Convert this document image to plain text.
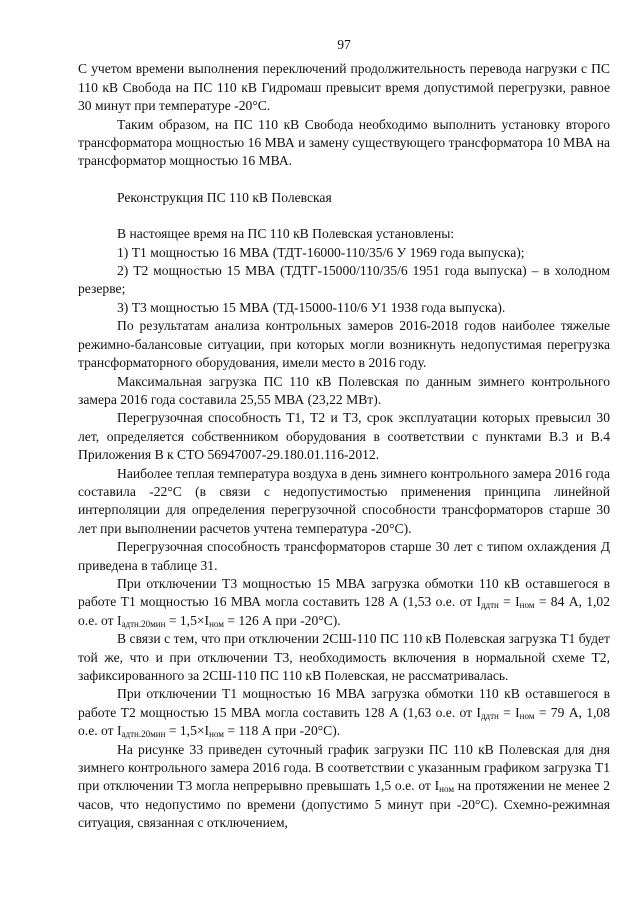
97

С учетом времени выполнения переключений продолжительность перевода нагрузки с ПС 110 кВ Свобода на ПС 110 кВ Гидромаш превысит время допустимой перегрузки, равное 30 минут при температуре -20°С.

Таким образом, на ПС 110 кВ Свобода необходимо выполнить установку второго трансформатора мощностью 16 МВА и замену существующего трансформатора 10 МВА на трансформатор мощностью 16 МВА.

Реконструкция ПС 110 кВ Полевская

В настоящее время на ПС 110 кВ Полевская установлены:

1) Т1 мощностью 16 МВА (ТДТ-16000-110/35/6 У 1969 года выпуска);

2) Т2 мощностью 15 МВА (ТДТГ-15000/110/35/6 1951 года выпуска) – в холодном резерве;

3) Т3 мощностью 15 МВА (ТД-15000-110/6 У1 1938 года выпуска).

По результатам анализа контрольных замеров 2016-2018 годов наиболее тяжелые режимно-балансовые ситуации, при которых могли возникнуть недопустимая перегрузка трансформаторного оборудования, имели место в 2016 году.

Максимальная загрузка ПС 110 кВ Полевская по данным зимнего контрольного замера 2016 года составила 25,55 МВА (23,22 МВт).

Перегрузочная способность Т1, Т2 и Т3, срок эксплуатации которых превысил 30 лет, определяется собственником оборудования в соответствии с пунктами В.3 и В.4 Приложения В к СТО 56947007-29.180.01.116-2012.

Наиболее теплая температура воздуха в день зимнего контрольного замера 2016 года составила -22°С (в связи с недопустимостью применения принципа линейной интерполяции для определения перегрузочной способности трансформаторов старше 30 лет при выполнении расчетов учтена температура -20°С).

Перегрузочная способность трансформаторов старше 30 лет с типом охлаждения Д приведена в таблице 31.

При отключении Т3 мощностью 15 МВА загрузка обмотки 110 кВ оставшегося в работе Т1 мощностью 16 МВА могла составить 128 А (1,53 о.е. от $I_{ддтн} = I_{ном} = 84$ А, 1,02 о.е. от $I_{адтн.20мин} = 1,5\times I_{ном} = 126$ А при -20°С).

В связи с тем, что при отключении 2СШ-110 ПС 110 кВ Полевская загрузка Т1 будет той же, что и при отключении Т3, необходимость включения в нормальной схеме Т2, зафиксированного за 2СШ-110 ПС 110 кВ Полевская, не рассматривалась.

При отключении Т1 мощностью 16 МВА загрузка обмотки 110 кВ оставшегося в работе Т2 мощностью 15 МВА могла составить 128 А (1,63 о.е. от $I_{ддтн} = I_{ном} = 79$ А, 1,08 о.е. от $I_{адтн.20мин} = 1,5\times I_{ном} = 118$ А при -20°С).

На рисунке 33 приведен суточный график загрузки ПС 110 кВ Полевская для дня зимнего контрольного замера 2016 года. В соответствии с указанным графиком загрузка Т1 при отключении Т3 могла непрерывно превышать 1,5 о.е. от $I_{ном}$ на протяжении не менее 2 часов, что недопустимо по времени (допустимо 5 минут при -20°С). Схемно-режимная ситуация, связанная с отключением,
